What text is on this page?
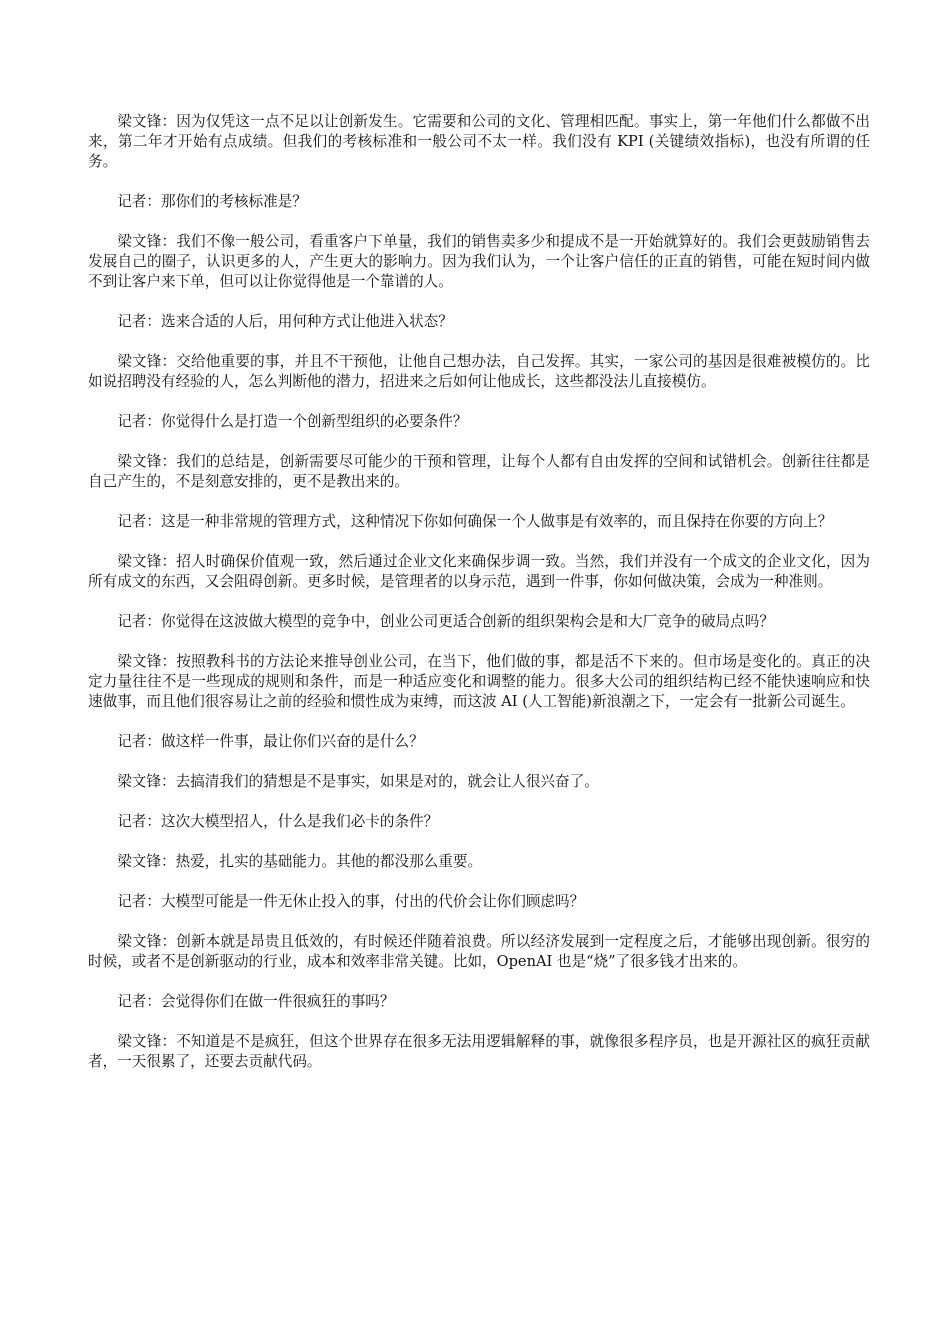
梁文锋：因为仅凭这一点不足以让创新发生。它需要和公司的文化、管理相匹配。事实上，第一年他们什么都做不出来，第二年才开始有点成绩。但我们的考核标准和一般公司不太一样。我们没有 KPI (关键绩效指标)，也没有所谓的任务。

记者：那你们的考核标准是？

梁文锋：我们不像一般公司，看重客户下单量，我们的销售卖多少和提成不是一开始就算好的。我们会更鼓励销售去发展自己的圈子，认识更多的人，产生更大的影响力。因为我们认为，一个让客户信任的正直的销售，可能在短时间内做不到让客户来下单，但可以让你觉得他是一个靠谱的人。

记者：选来合适的人后，用何种方式让他进入状态？

梁文锋：交给他重要的事，并且不干预他，让他自己想办法，自己发挥。其实，一家公司的基因是很难被模仿的。比如说招聘没有经验的人，怎么判断他的潜力，招进来之后如何让他成长，这些都没法儿直接模仿。

记者：你觉得什么是打造一个创新型组织的必要条件？

梁文锋：我们的总结是，创新需要尽可能少的干预和管理，让每个人都有自由发挥的空间和试错机会。创新往往都是自己产生的，不是刻意安排的，更不是教出来的。

记者：这是一种非常规的管理方式，这种情况下你如何确保一个人做事是有效率的，而且保持在你要的方向上？

梁文锋：招人时确保价值观一致，然后通过企业文化来确保步调一致。当然，我们并没有一个成文的企业文化，因为所有成文的东西，又会阻碍创新。更多时候，是管理者的以身示范，遇到一件事，你如何做决策，会成为一种准则。

记者：你觉得在这波做大模型的竞争中，创业公司更适合创新的组织架构会是和大厂竞争的破局点吗？

梁文锋：按照教科书的方法论来推导创业公司，在当下，他们做的事，都是活不下来的。但市场是变化的。真正的决定力量往往不是一些现成的规则和条件，而是一种适应变化和调整的能力。很多大公司的组织结构已经不能快速响应和快速做事，而且他们很容易让之前的经验和惯性成为束缚，而这波 AI (人工智能)新浪潮之下，一定会有一批新公司诞生。

记者：做这样一件事，最让你们兴奋的是什么？

梁文锋：去搞清我们的猜想是不是事实，如果是对的，就会让人很兴奋了。

记者：这次大模型招人，什么是我们必卡的条件？

梁文锋：热爱，扎实的基础能力。其他的都没那么重要。

记者：大模型可能是一件无休止投入的事，付出的代价会让你们顾虑吗？

梁文锋：创新本就是昂贵且低效的，有时候还伴随着浪费。所以经济发展到一定程度之后，才能够出现创新。很穷的时候，或者不是创新驱动的行业，成本和效率非常关键。比如，OpenAI 也是“烧”了很多钱才出来的。

记者：会觉得你们在做一件很疯狂的事吗？

梁文锋：不知道是不是疯狂，但这个世界存在很多无法用逻辑解释的事，就像很多程序员，也是开源社区的疯狂贡献者，一天很累了，还要去贡献代码。
